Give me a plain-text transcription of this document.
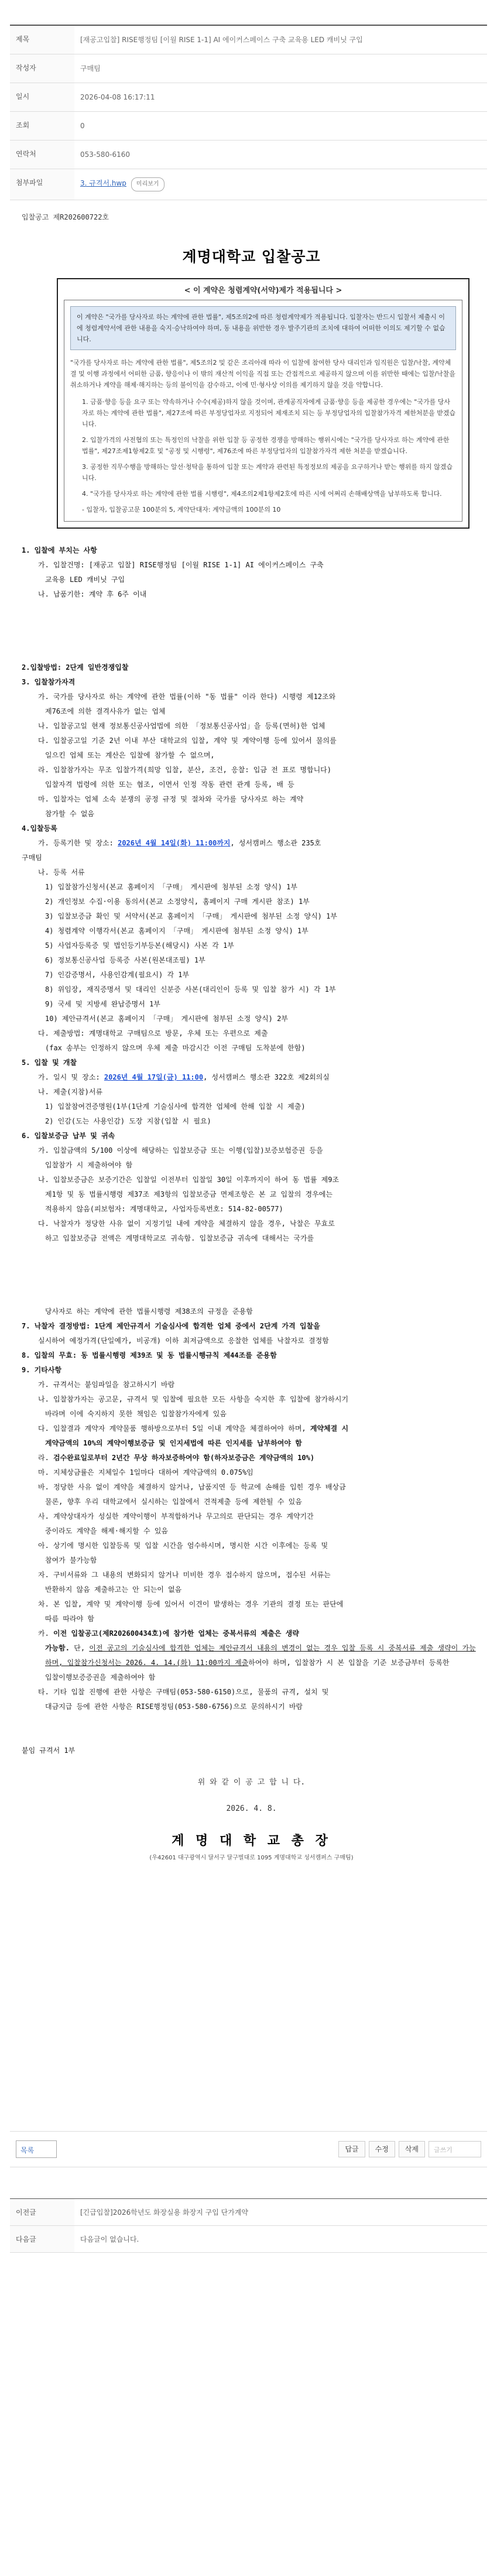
제목	[재공고입찰] RISE행정팀 [이월 RISE 1-1] AI 에이커스페이스 구축 교육용 LED 캐비닛 구입
작성자	구매팀
일시	2026-04-08 16:17:11
조회	0
연락처	053-580-6160
첨부파일	3. 규격서.hwp 미리보기
입찰공고 제R202600722호
계명대학교 입찰공고
< 이 계약은 청렴계약(서약)제가 적용됩니다 >
이 계약은 "국가를 당사자로 하는 계약에 관한 법률", 제5조의2에 따른 청렴계약제가 적용됩니다. 입찰자는 반드시 입찰서 제출시 이에 청렴계약서에 관한 내용을 숙지·승낙하여야 하며, 동 내용을 위반한 경우 발주기관의 조치에 대하여 어떠한 이의도 제기할 수 없습니다.
"국가를 당사자로 하는 계약에 관한 법률", 제5조의2 및 같은 조리아래 따라 이 입찰에 참여한 당사 대리인과 임직원은 입찰/낙찰, 계약체결 및 이행 과정에서 어떠한 금품, 향응이나 이 밖의 재산적 이익을 직접 또는 간접적으로 제공하지 않으며 이를 위반한 때에는 입찰/낙찰을 취소하거나 계약을 해제·해지하는 등의 불이익을 감수하고, 이에 민·형사상 이의를 제기하지 않을 것을 약합니다.
1. 금품·향응 등을 요구 또는 약속하거나 수수(제공)하지 않을 것이며, 관계공직자에게 금품·향응 등을 제공한 경우에는 "국가를 당사자로 하는 계약에 관한 법률", 제27조에 따른 부정당업자로 지정되어 제재조치 되는 등 부정당업자의 입찰참가자격 제한처분을 받겠습니다.
2. 입찰가격의 사전협의 또는 특정인의 낙찰을 위한 입찰 등 공정한 경쟁을 방해하는 행위시에는 "국가를 당사자로 하는 계약에 관한 법률", 제27조제1항제2호 및 "공정 및 시행령", 제76조에 따른 부정당업자의 입찰참가자격 제한 처분을 받겠습니다.
3. 공정한 직무수행을 방해하는 알선·청탁을 통하여 입찰 또는 계약과 관련된 특정정보의 제공을 요구하거나 받는 행위를 하지 않겠습니다.
4. "국가를 당사자로 하는 계약에 관한 법률 시행령", 제4조의2제1항제2호에 따른 시에 어쩌리 손해배상액을 납부하도록 합니다.
- 입찰자, 입찰공고문 100분의 5, 계약단대자: 계약금액의 100분의 10
1. 입찰에 부치는 사항
가. 입찰건명: [재공고 입찰] RISE행정팀 [이월 RISE 1-1] AI 에이커스페이스 구축
교육용 LED 캐비닛 구입
나. 납품기한: 계약 후 6주 이내
2.입찰방법: 2단계 일반경쟁입찰
3. 입찰참가자격
가. 국가를 당사자로 하는 계약에 관한 법률(이하 "동 법률" 이라 한다) 시행령 제12조와
제76조에 의한 결격사유가 없는 업체
나. 입찰공고일 현재 정보통신공사업법에 의한 「정보통신공사업」을 등록(면허)한 업체
다. 입찰공고일 기준 2년 이내 부산 대학교의 입찰, 계약 및 계약이행 등에 있어서 물의를
일으킨 업체 또는 계산은 입찰에 참가할 수 없으며,
라. 입찰참가자는 무조 입찰가격(희망 입찰, 분산, 조건, 응찰: 입금 전 표로 명합니다)
입찰자격 법령에 의한 또는 협조, 이면서 인정 작동 관련 관계 등록, 배 등
마. 입찰자는 업체 소속 분쟁의 공정 규정 및 절차와 국가를 당사자로 하는 계약
참가할 수 없음
4.입찰등록
가. 등록기한 및 장소: 2026년 4월 14일(화) 11:00까지, 성서캠퍼스 행소관 235호
구매팀
나. 등록 서류
1) 입찰참가신청서(본교 홈페이지 「구매」 게시판에 첨부된 소정 양식) 1부
2) 개인정보 수집·이용 동의서(본교 소정양식, 홈페이지 구매 게시판 참조) 1부
3) 입찰보증금 확인 및 서약서(본교 홈페이지 「구매」 게시판에 첨부된 소정 양식) 1부
4) 청렴계약 이행각서(본교 홈페이지 「구매」 게시판에 첨부된 소정 양식) 1부
5) 사업자등록증 및 법인등기부등본(해당시) 사본 각 1부
6) 정보통신공사업 등록증 사본(원본대조필) 1부
7) 인감증명서, 사용인감계(필요시) 각 1부
8) 위임장, 재직증명서 및 대리인 신분증 사본(대리인이 등록 및 입찰 참가 시) 각 1부
9) 국세 및 지방세 완납증명서 1부
10) 제안규격서(본교 홈페이지 「구매」 게시판에 첨부된 소정 양식) 2부
다. 제출방법: 계명대학교 구매팀으로 방문, 우체 또는 우편으로 제출
(fax 송부는 인정하지 않으며 우체 제출 마감시간 이전 구매팀 도착분에 한함)
5. 입찰 및 개찰
가. 일시 및 장소: 2026년 4월 17일(금) 11:00, 성서캠퍼스 행소관 322호 제2회의실
나. 제출(지참)서류
1) 입찰참여견증명원(1부(1단계 기술심사에 합격한 업체에 한해 입찰 시 제출)
2) 인감(도는 사용인감) 도장 지참(입찰 시 필요)
6. 입찰보증금 납부 및 귀속
가. 입찰금액의 5/100 이상에 해당하는 입찰보증금 또는 이행(입찰)보증보험증권 등을
입찰참가 시 제출하여야 함
나. 입찰보증금은 보증기간은 입찰일 이전부터 입찰일 30일 이후까지이 하여 동 법률 제9조
제1항 및 동 법률시행령 제37조 제3항의 입찰보증금 면제조항은 본 교 입찰의 경우에는
적용하지 않음(피보험자: 계명대학교, 사업자등록번호: 514-82-00577)
다. 낙찰자가 정당한 사유 없이 지정기일 내에 계약을 체결하지 않을 경우, 낙찰은 무효로
하고 입찰보증금 전액은 계명대학교로 귀속함. 입찰보증금 귀속에 대해서는 국가를
당사자로 하는 계약에 관한 법률시행령 제38조의 규정을 준용함
7. 낙찰자 결정방법: 1단계 제안규격서 기술심사에 합격한 업체 중에서 2단계 가격 입찰을
실시하여 예정가격(단일예가, 비공개) 이하 최저금액으로 응찰한 업체를 낙찰자로 결정함
8. 입찰의 무효: 동 법률시행령 제39조 및 동 법률시행규칙 제44조를 준용함
9. 기타사항
가. 규격서는 붙임파일을 참고하시기 바람
나. 입찰참가자는 공고문, 규격서 및 입찰에 필요한 모든 사항을 숙지한 후 입찰에 참가하시기
바라며 이에 숙지하지 못한 책임은 입찰참가자에게 있음
다. 입찰결과 계약자 계약물품 행하방으로부터 5일 이내 계약을 체결하여야 하며, 계약체결 시
계약금액의 10%의 계약이행보증금 및 인지세법에 따른 인지세를 납부하여야 함
라. 검수완료일로부터 2년간 무상 하자보증하여야 함(하자보증금은 계약금액의 10%)
마. 지체상금률은 지체일수 1일마다 대하여 계약금액의 0.075%임
바. 정당한 사유 없이 계약을 체결하지 않거나, 납품지연 등 학교에 손해를 입힌 경우 배상금
물론, 향후 우리 대학교에서 실시하는 입찰에서 견적제출 등에 제한될 수 있음
사. 계약상대자가 성실한 계약이행이 부적합하거나 무고의로 판단되는 경우 계약기간
중이라도 계약을 해제·해지할 수 있음
아. 상기에 명시한 입찰등록 및 입찰 시간을 엄수하시며, 명시한 시간 이후에는 등록 및
참여가 불가능함
자. 구비서류와 그 내용의 변화되지 않거나 미비한 경우 접수하지 않으며, 접수된 서류는
반환하지 않음 제출하고는 안 되는이 없음
차. 본 입찰, 계약 및 계약이행 등에 있어서 이견이 발생하는 경우 기관의 결정 또는 판단에
따름 따라야 함
카. 이전 입찰공고(제R202600434호)에 참가한 업체는 중복서류의 제출은 생략
가능함. 단, 이전 공고의 기술심사에 합격한 업체는 제안규격서 내용의 변경이 없는 경우 입찰 등록 시 중복서류 제출 생략이 가능하며, 입찰참가신청서는 2026. 4. 14.(화) 11:00까지 제출하여야 하며, 입찰참가 시 본 입찰을 기준 보증금부터 등록한
입찰이행보증증권을 제출하여야 함
타. 기타 입찰 진행에 관한 사항은 구매팀(053-580-6150)으로, 물품의 규격, 설치 및
대금지급 등에 관한 사항은 RISE행정팀(053-580-6756)으로 문의하시기 바람
붙임 규격서 1부
위 와 같 이 공 고 합 니 다.
2026. 4. 8.
계 명 대 학 교 총 장
(우42601 대구광역시 달서구 달구벌대로 1095 계명대학교 성서캠퍼스 구매팀)
목록	답글	수정	삭제	글쓰기
이전글	[긴급입찰]2026학년도 화장실용 화장지 구입 단가계약
다음글	다음글이 없습니다.
